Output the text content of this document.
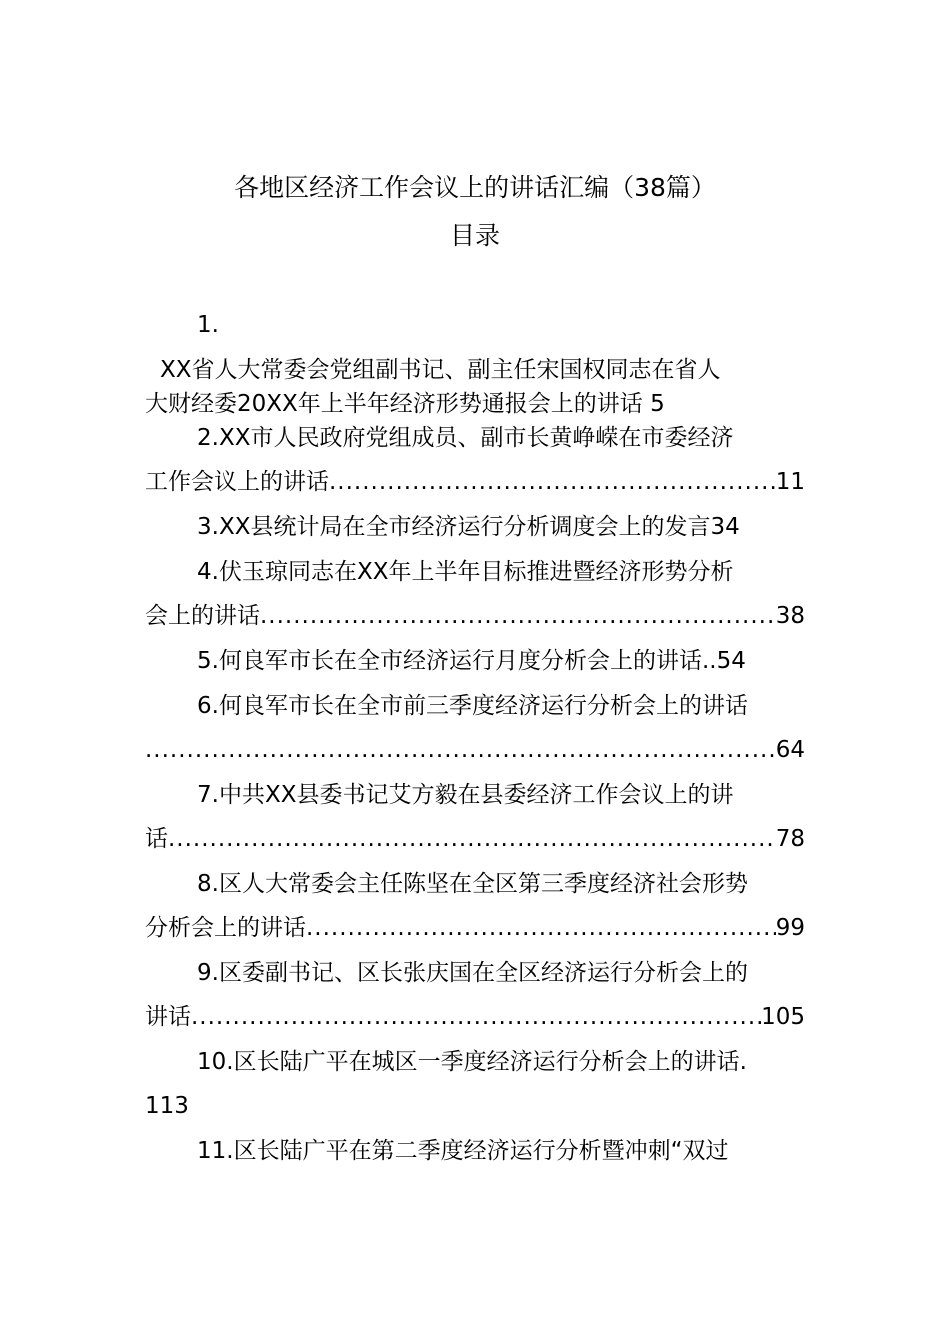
各地区经济工作会议上的讲话汇编（38篇）
目录
1.
XX省人大常委会党组副书记、副主任宋国权同志在省人
大财经委20XX年上半年经济形势通报会上的讲话 5
2.XX市人民政府党组成员、副市长黄峥嵘在市委经济
工作会议上的讲话 .....	11
3.XX县统计局在全市经济运行分析调度会上的发言34
4.伏玉琼同志在XX年上半年目标推进暨经济形势分析
会上的讲话 .....	38
5.何良军市长在全市经济运行月度分析会上的讲话..54
6.何良军市长在全市前三季度经济运行分析会上的讲话
.....
64
7.中共XX县委书记艾方毅在县委经济工作会议上的讲
话 .....	78
8.区人大常委会主任陈坚在全区第三季度经济社会形势
分析会上的讲话 .....	99
9.区委副书记、区长张庆国在全区经济运行分析会上的
讲话 .....	105
10.区长陆广平在城区一季度经济运行分析会上的讲话.
113
11.区长陆广平在第二季度经济运行分析暨冲刺“双过
